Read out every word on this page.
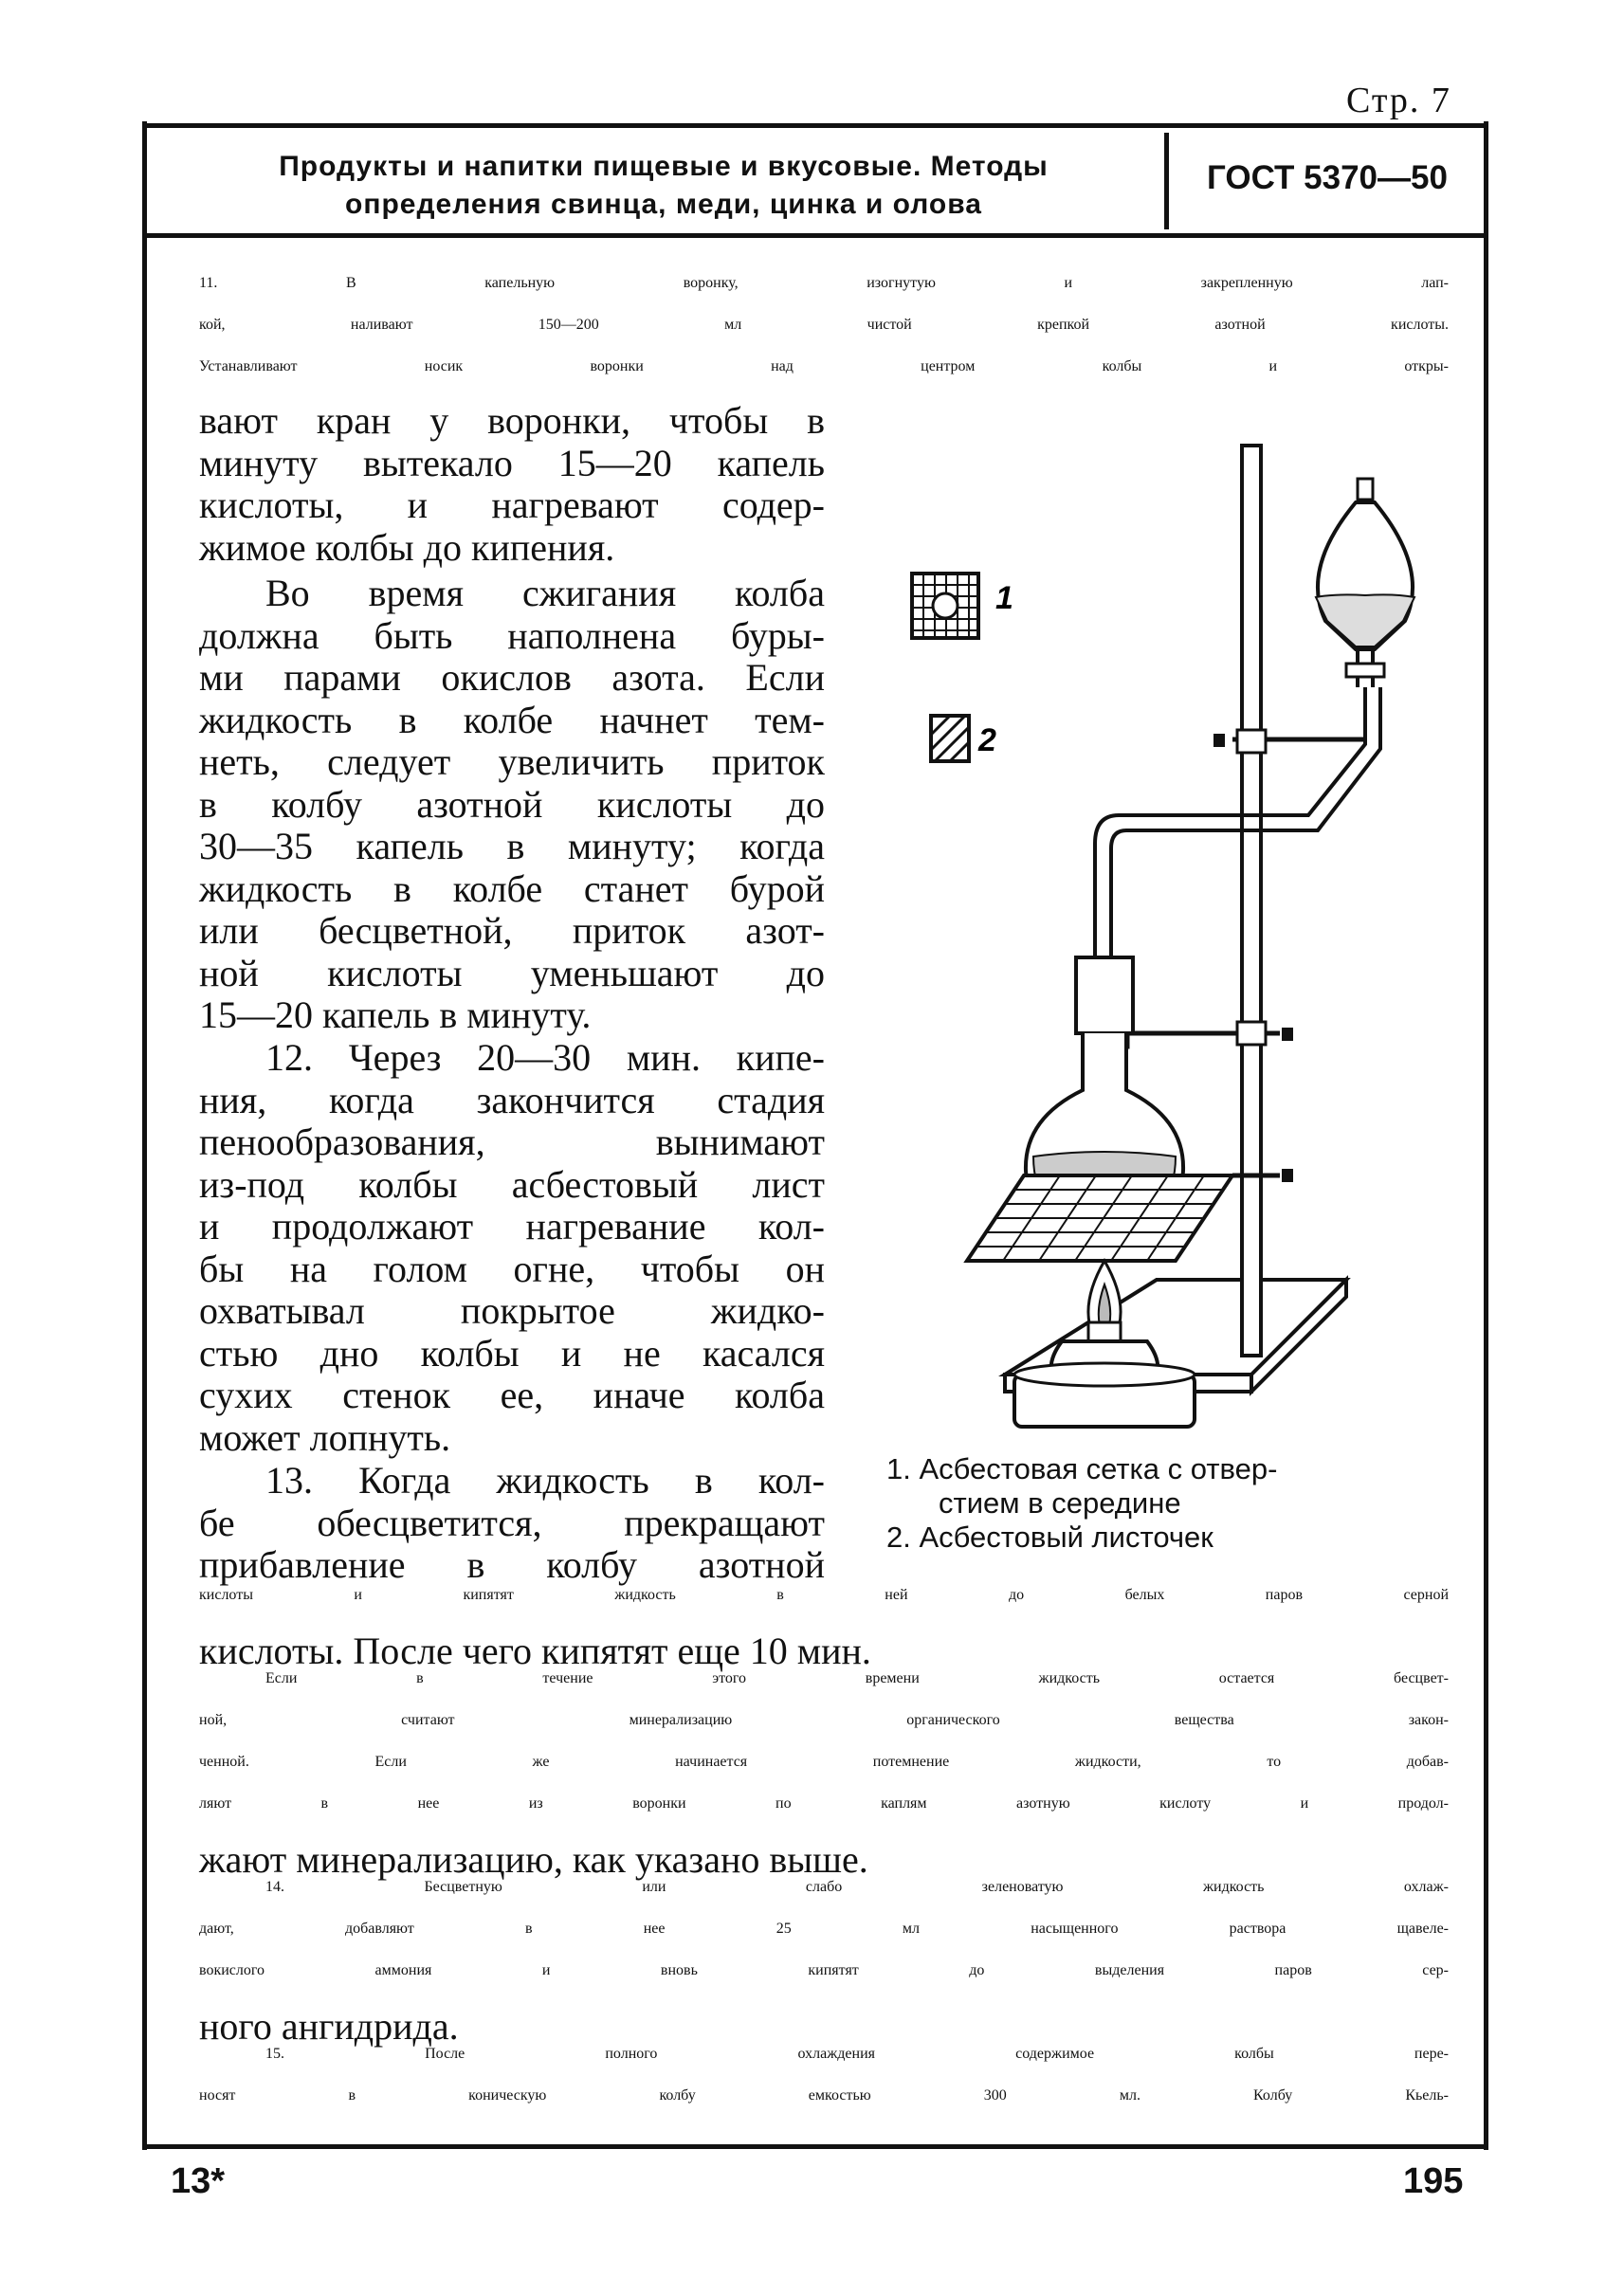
Стр. 7
Продукты и напитки пищевые и вкусовые. Методы
определения свинца, меди, цинка и олова
ГОСТ 5370—50
11. В капельную воронку, изогнутую и закрепленную лап-
кой, наливают 150—200 мл чистой крепкой азотной кислоты.
Устанавливают носик воронки над центром колбы и откры-
вают кран у воронки, чтобы в
минуту вытекало 15—20 капель
кислоты, и нагревают содер-
жимое колбы до кипения.
Во время сжигания колба
должна быть наполнена буры-
ми парами окислов азота. Если
жидкость в колбе начнет тем-
неть, следует увеличить приток
в колбу азотной кислоты до
30—35 капель в минуту; когда
жидкость в колбе станет бурой
или бесцветной, приток азот-
ной кислоты уменьшают до
15—20 капель в минуту.
12. Через 20—30 мин. кипе-
ния, когда закончится стадия
пенообразования, вынимают
из-под колбы асбестовый лист
и продолжают нагревание кол-
бы на голом огне, чтобы он
охватывал покрытое жидко-
стью дно колбы и не касался
сухих стенок ее, иначе колба
может лопнуть.
13. Когда жидкость в кол-
бе обесцветится, прекращают
прибавление в колбу азотной
кислоты и кипятят жидкость в ней до белых паров серной
кислоты. После чего кипятят еще 10 мин.
Если в течение этого времени жидкость остается бесцвет-
ной, считают минерализацию органического вещества закон-
ченной. Если же начинается потемнение жидкости, то добав-
ляют в нее из воронки по каплям азотную кислоту и продол-
жают минерализацию, как указано выше.
14. Бесцветную или слабо зеленоватую жидкость охлаж-
дают, добавляют в нее 25 мл насыщенного раствора щавеле-
вокислого аммония и вновь кипятят до выделения паров сер-
ного ангидрида.
15. После полного охлаждения содержимое колбы пере-
носят в коническую колбу емкостью 300 мл. Колбу Кьель-
1
2
1. Асбестовая сетка с отвер-
стием в середине
2. Асбестовый листочек
13*	195
